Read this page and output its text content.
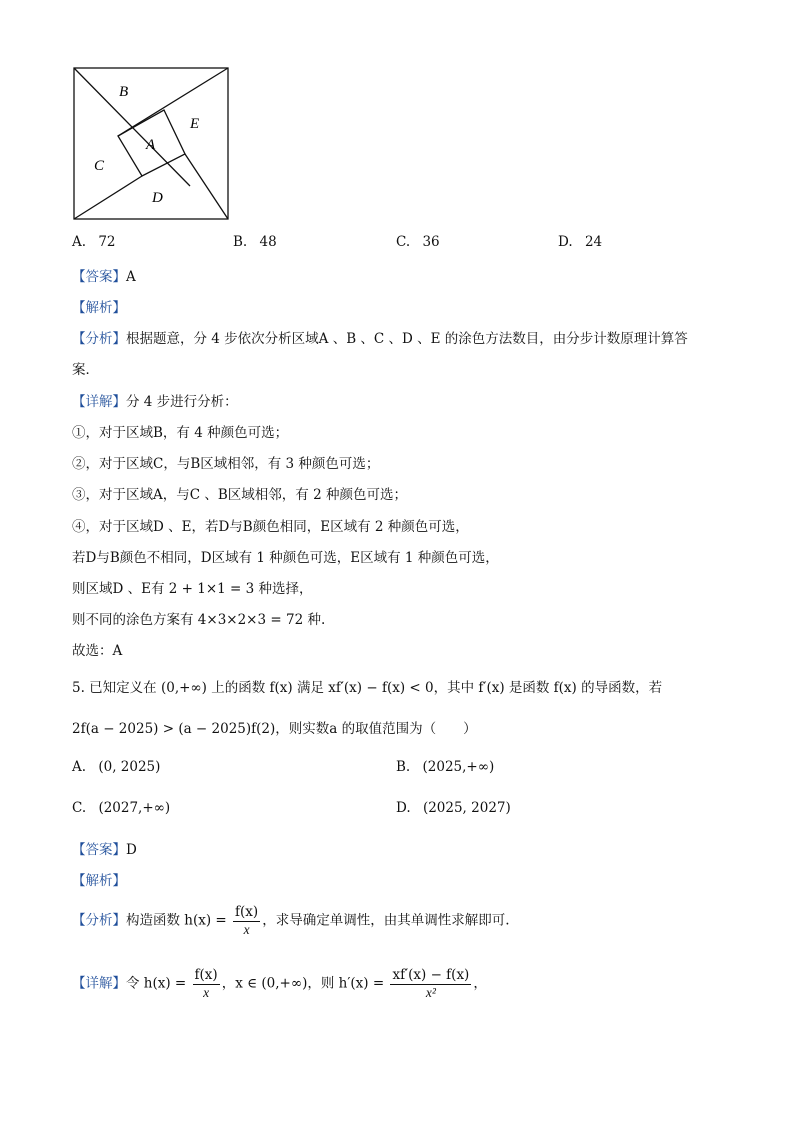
B
E
A
C
D
A. 72	B. 48	C. 36	D. 24
【答案】A
【解析】
【分析】根据题意，分 4 步依次分析区域A 、B 、C 、D 、E 的涂色方法数目，由分步计数原理计算答
案．
【详解】分 4 步进行分析：
①，对于区域B，有 4 种颜色可选；
②，对于区域C，与B区域相邻，有 3 种颜色可选；
③，对于区域A，与C 、B区域相邻，有 2 种颜色可选；
④，对于区域D 、E，若D与B颜色相同，E区域有 2 种颜色可选，
若D与B颜色不相同，D区域有 1 种颜色可选，E区域有 1 种颜色可选，
则区域D 、E有 2 + 1×1 = 3 种选择，
则不同的涂色方案有 4×3×2×3 = 72 种.
故选：A
5. 已知定义在 (0,+∞) 上的函数 f(x) 满足 xf′(x) − f(x) < 0，其中 f′(x) 是函数 f(x) 的导函数，若
2f(a − 2025) > (a − 2025)f(2)，则实数a 的取值范围为（　　）
A. (0, 2025)	B. (2025,+∞)
C. (2027,+∞)	D. (2025, 2027)
【答案】D
【解析】
【分析】构造函数 $h(x) = \frac{f(x)}{x}$ ，求导确定单调性，由其单调性求解即可.
【详解】令 $h(x) = \frac{f(x)}{x}$ ，x ∈ (0,+∞)，则 $h'(x) = \frac{xf'(x) - f(x)}{\text{x²}}$ ，
